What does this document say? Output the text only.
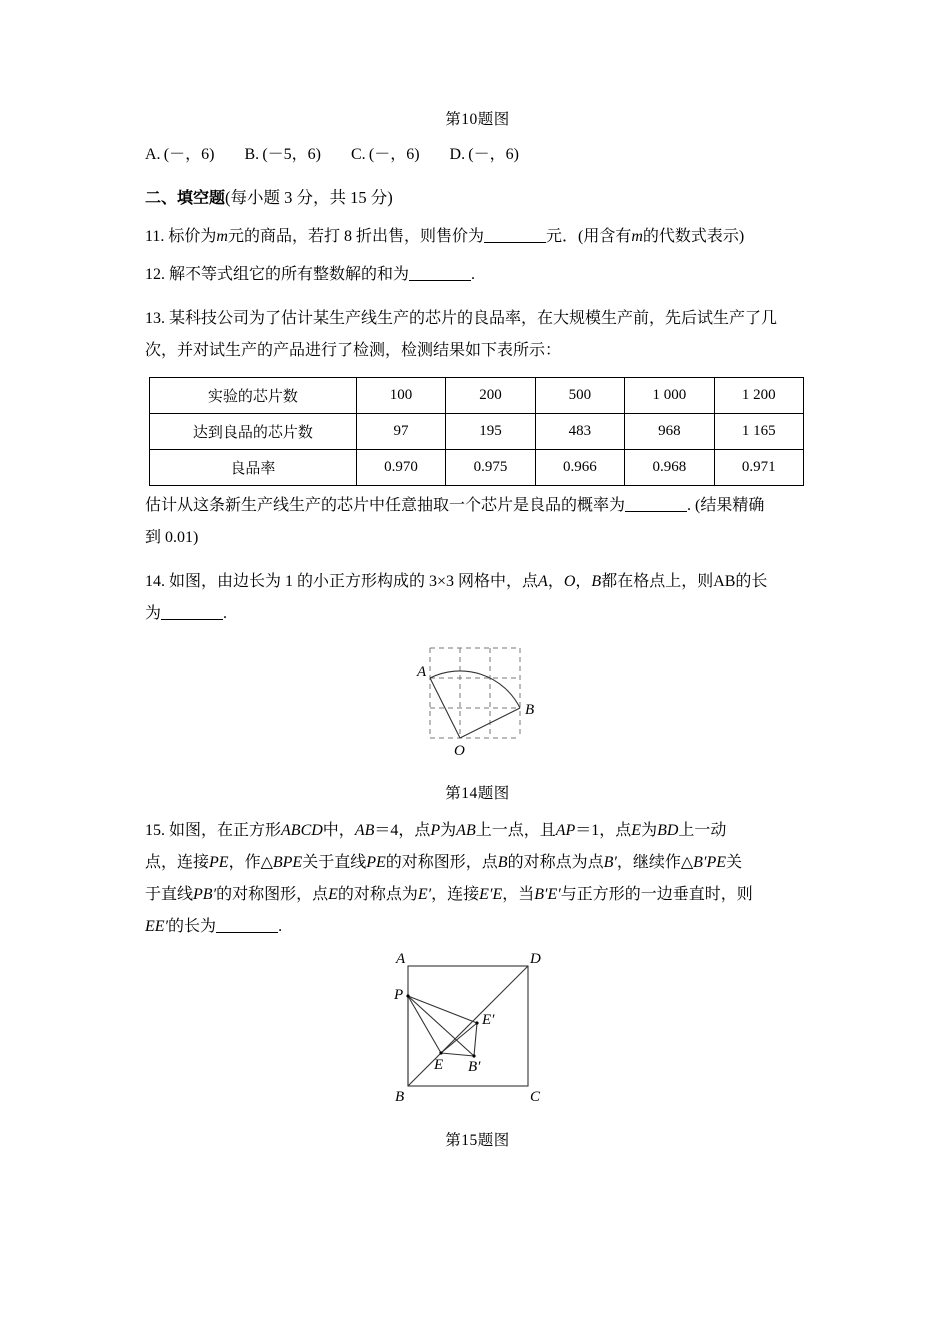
第10题图
A.  (－，6) B.  (－5，6) C.  (－，6) D.  (－，6)
二、填空题(每小题 3 分，共 15 分)
11. 标价为m元的商品，若打 8 折出售，则售价为	元．(用含有m的代数式表示)
12. 解不等式组它的所有整数解的和为	.
13. 某科技公司为了估计某生产线生产的芯片的良品率，在大规模生产前，先后试生产了几
次，并对试生产的产品进行了检测，检测结果如下表所示：
实验的芯片数	100	200	500	1 000	1 200
达到良品的芯片数	97	195	483	968	1 165
良品率	0.970	0.975	0.966	0.968	0.971
估计从这条新生产线生产的芯片中任意抽取一个芯片是良品的概率为	. (结果精确
到 0.01)
14. 如图，由边长为 1 的小正方形构成的 3×3 网格中，点A，O，B都在格点上，则AB的长
为	.
A
B
O
第14题图
15. 如图，在正方形ABCD中，AB＝4，点P为AB上一点，且AP＝1，点E为BD上一动
点，连接PE，作△BPE关于直线PE的对称图形，点B的对称点为点B′，继续作△B′PE关
于直线PB′的对称图形，点E的对称点为E′，连接E′E，当B′E′与正方形的一边垂直时，则
EE′的长为	.
A	D
B	C
P
E B′
E′
第15题图
